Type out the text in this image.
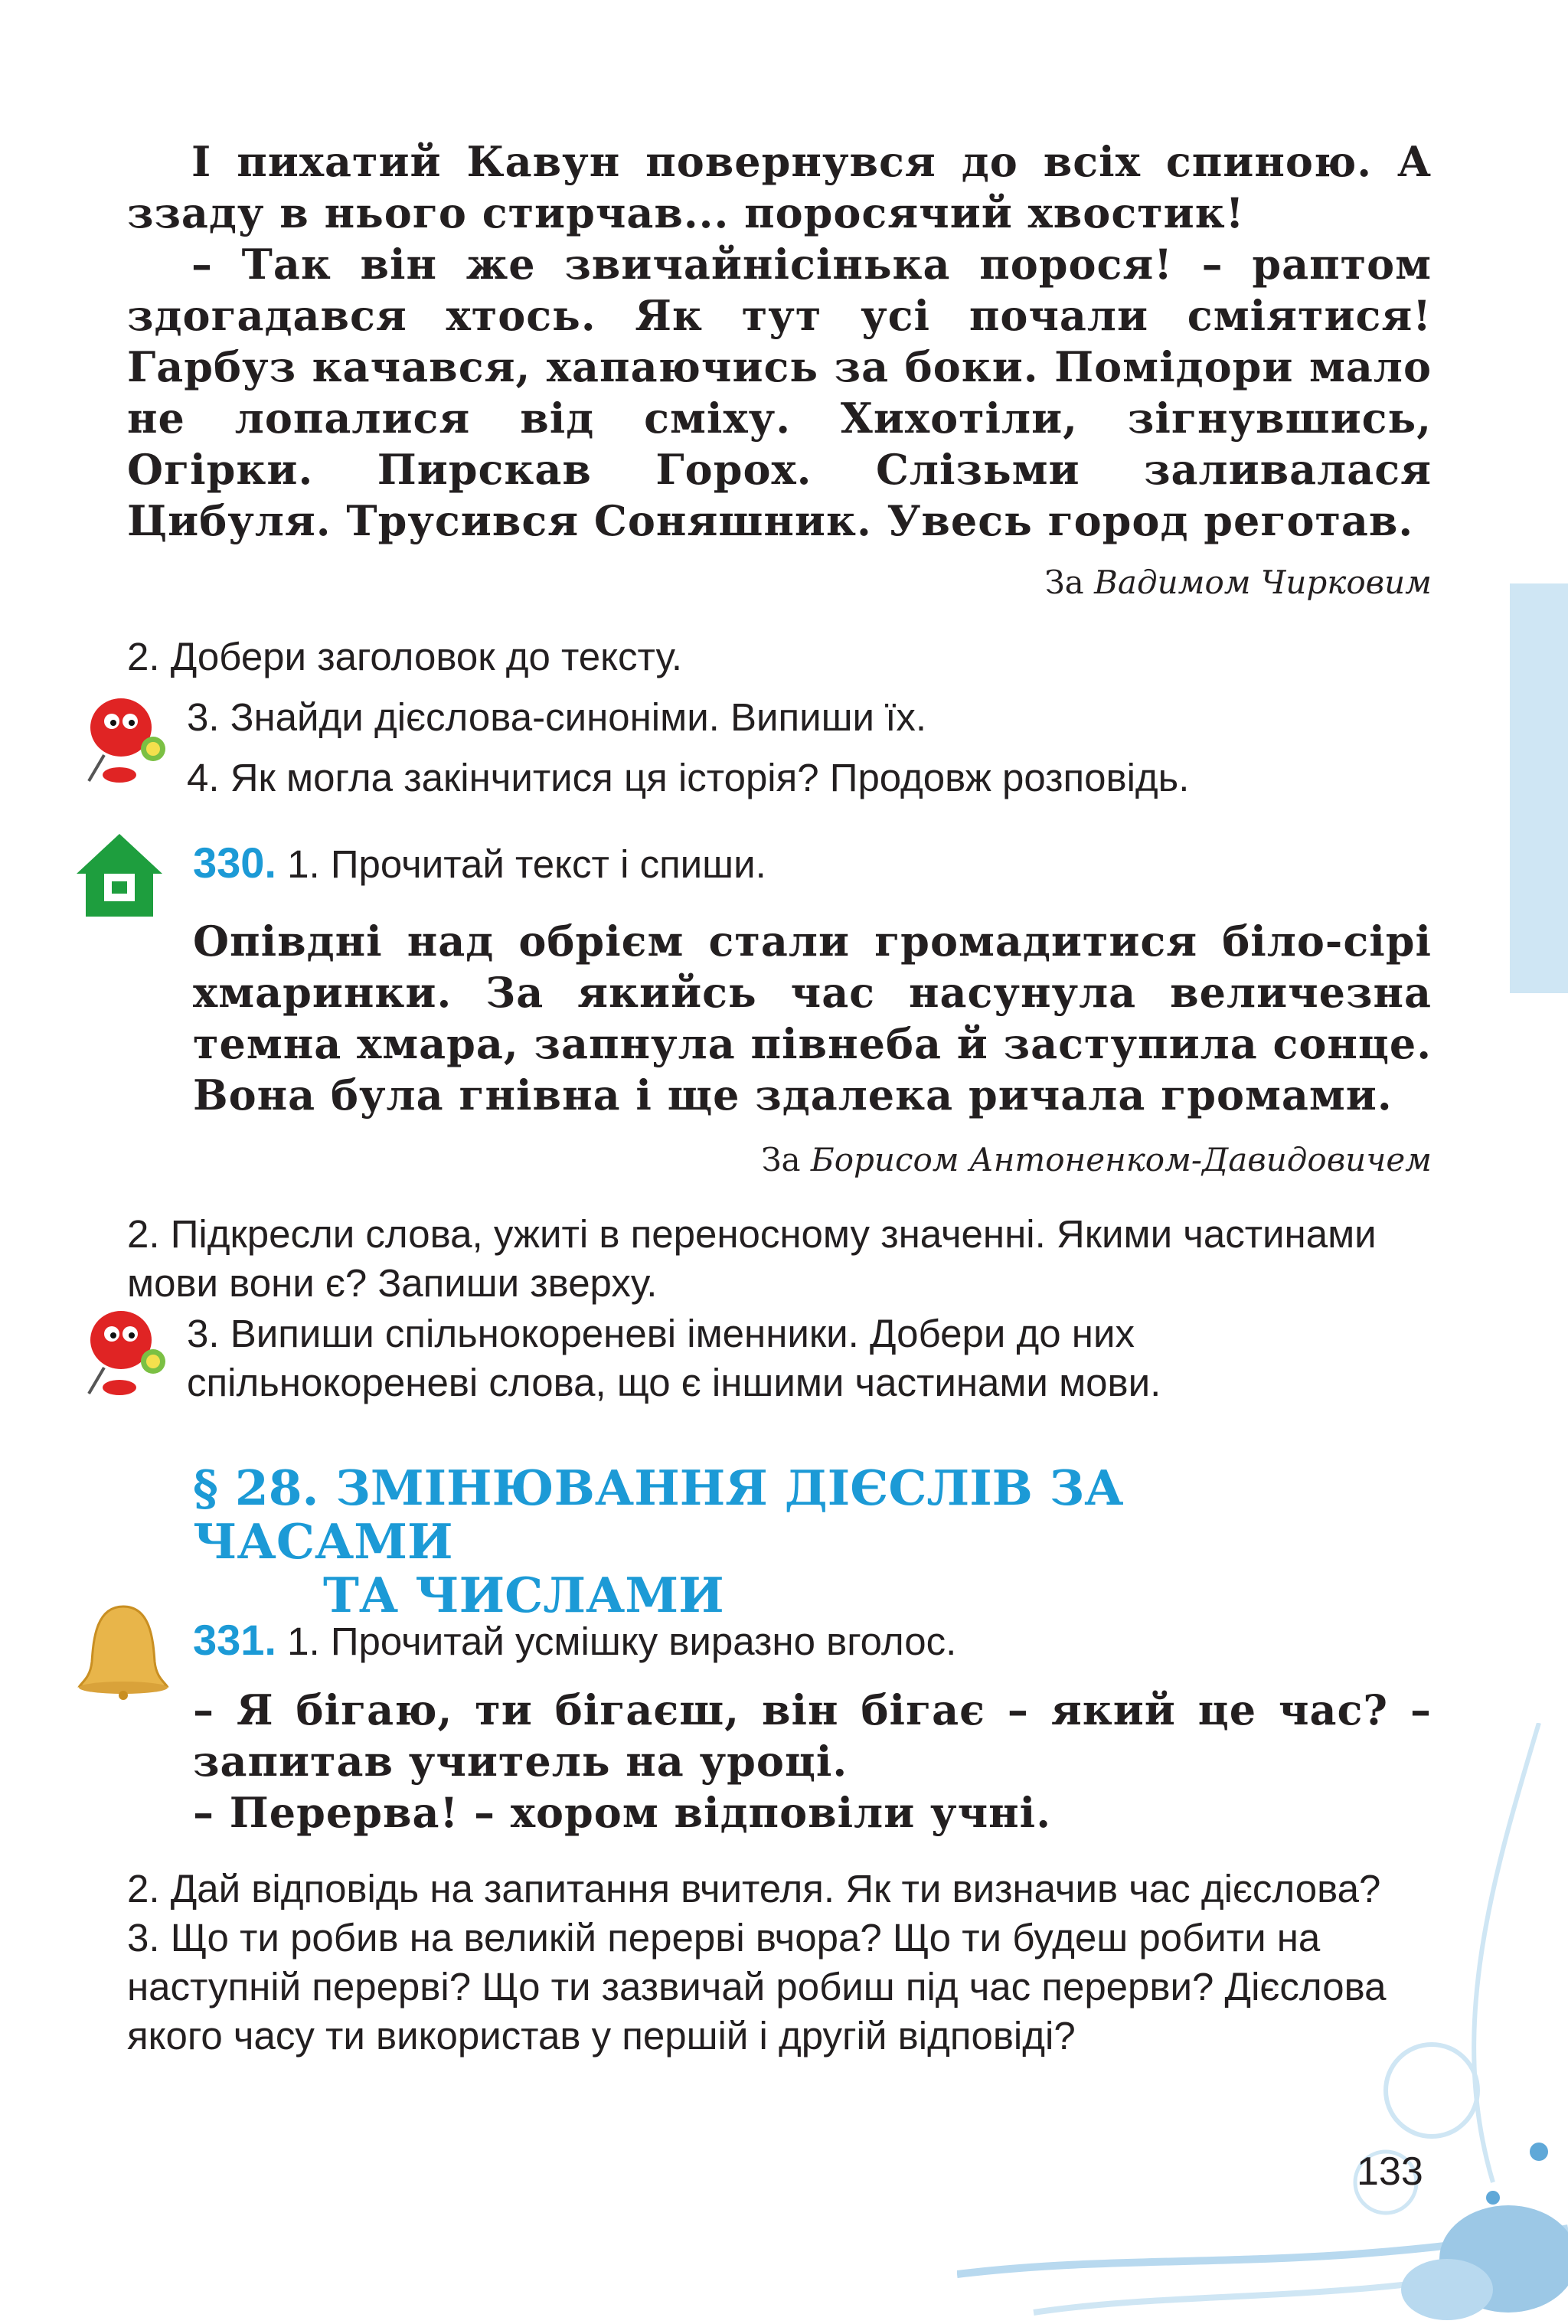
І пихатий Кавун повернувся до всіх спиною. А ззаду в нього стирчав... поросячий хвостик!

– Так він же звичайнісінька порося! – раптом здогадався хтось. Як тут усі почали сміятися! Гарбуз качався, хапаючись за боки. Помідори мало не лопалися від сміху. Хихотіли, зігнувшись, Огірки. Пирскав Горох. Слізьми заливалася Цибуля. Трусився Соняшник. Увесь город реготав.

За Вадимом Чирковим
2. Добери заголовок до тексту.
3. Знайди дієслова-синоніми. Випиши їх.
4. Як могла закінчитися ця історія? Продовж розповідь.
330. 1. Прочитай текст і спиши.

Опівдні над обрієм стали громадитися біло-сірі хмаринки. За якийсь час насунула величезна темна хмара, запнула півнеба й заступила сонце. Вона була гнівна і ще здалека ричала громами.

За Борисом Антоненком-Давидовичем

2. Підкресли слова, ужиті в переносному значенні. Якими частинами мови вони є? Запиши зверху.

3. Випиши спільнокореневі іменники. Добери до них спільнокореневі слова, що є іншими частинами мови.

§ 28. ЗМІНЮВАННЯ ДІЄСЛІВ ЗА ЧАСАМИ
ТА ЧИСЛАМИ
331. 1. Прочитай усмішку виразно вголос.

– Я бігаю, ти бігаєш, він бігає – який це час? – запитав учитель на уроці.

– Перерва! – хором відповіли учні.

2. Дай відповідь на запитання вчителя. Як ти визначив час дієслова?

3. Що ти робив на великій перерві вчора? Що ти будеш робити на наступній перерві? Що ти зазвичай робиш під час перерви? Дієслова якого часу ти використав у першій і другій відповіді?

133
